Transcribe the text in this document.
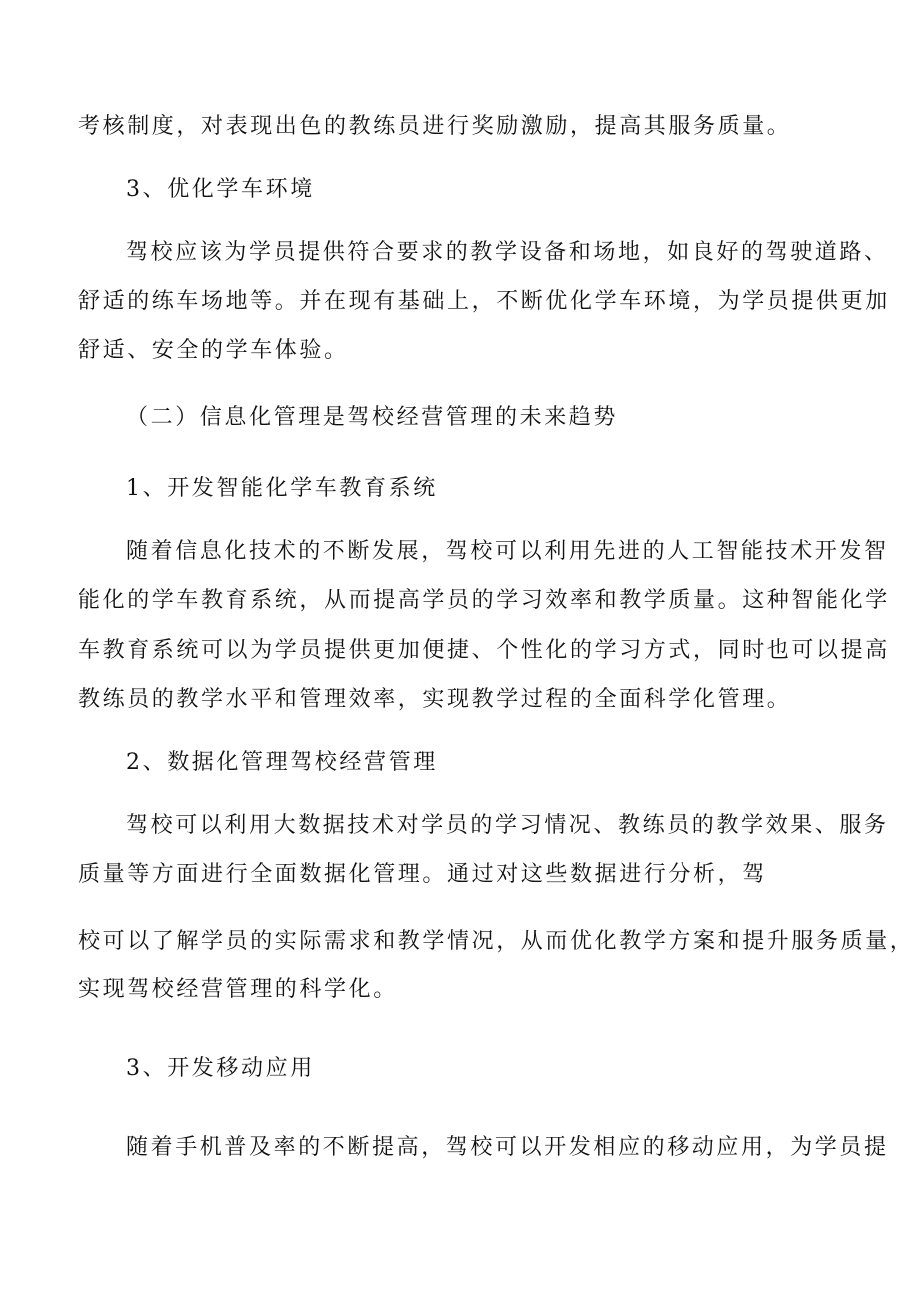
考核制度，对表现出色的教练员进行奖励激励，提高其服务质量。
3、优化学车环境
驾校应该为学员提供符合要求的教学设备和场地，如良好的驾驶道路、
舒适的练车场地等。并在现有基础上，不断优化学车环境，为学员提供更加
舒适、安全的学车体验。
（二）信息化管理是驾校经营管理的未来趋势
1、开发智能化学车教育系统
随着信息化技术的不断发展，驾校可以利用先进的人工智能技术开发智
能化的学车教育系统，从而提高学员的学习效率和教学质量。这种智能化学
车教育系统可以为学员提供更加便捷、个性化的学习方式，同时也可以提高
教练员的教学水平和管理效率，实现教学过程的全面科学化管理。
2、数据化管理驾校经营管理
驾校可以利用大数据技术对学员的学习情况、教练员的教学效果、服务
质量等方面进行全面数据化管理。通过对这些数据进行分析，驾
校可以了解学员的实际需求和教学情况，从而优化教学方案和提升服务质量，
实现驾校经营管理的科学化。
3、开发移动应用
随着手机普及率的不断提高，驾校可以开发相应的移动应用，为学员提
